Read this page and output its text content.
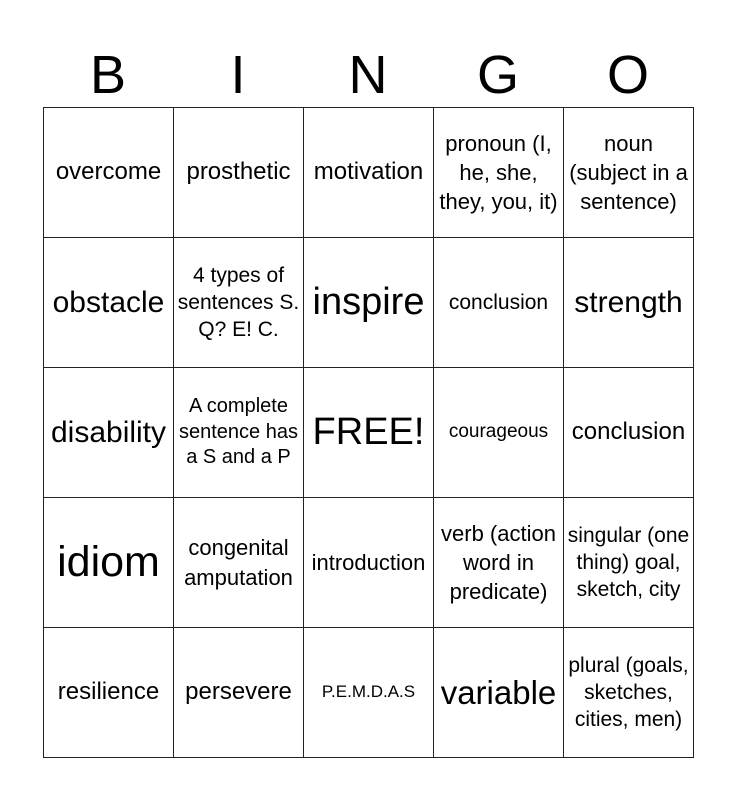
B	I	N	G	O
overcome	prosthetic	motivation	pronoun (I, he, she, they, you, it)	noun (subject in a sentence)
obstacle	4 types of sentences S. Q? E! C.	inspire	conclusion	strength
disability	A complete sentence has a S and a P	FREE!	courageous	conclusion
idiom	congenital amputation	introduction	verb (action word in predicate)	singular (one thing) goal, sketch, city
resilience	persevere	P.E.M.D.A.S	variable	plural (goals, sketches, cities, men)
